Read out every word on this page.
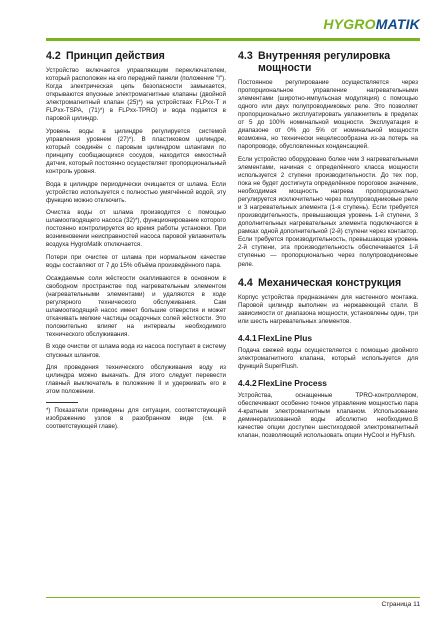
HYGROMATIK
4.2 Принцип действия

Устройство включается управляющим переключателем, который расположен на его передней панели (положение "I"). Когда электрическая цепь безопасности замыкается, открываются впускные электромагнитные клапаны (двойной электромагнитный клапан (25)*) на устройствах FLPxx-T и FLPxx-TSPA, (71)*) в FLPxx-TPRO) и вода подается в паровой цилиндр.

Уровень воды в цилиндре регулируется системой управления уровнем (27)*). В пластиковом цилиндре, который соединён с паровым цилиндром шлангами по принципу сообщающихся сосудов, находится емкостный датчик, который постоянно осуществляет пропорциональный контроль уровня.

Вода в цилиндре периодически очищается от шлама. Если устройство используется с полностью умягчённой водой, эту функцию можно отключить.

Очистка воды от шлама производится с помощью шламоотводящего насоса (32)*), функционирование которого постоянно контролируется во время работы установки. При возникновении неисправностей насоса паровой увлажнитель воздуха HygroMatik отключается.

Потери при очистке от шлама при нормальном качестве воды составляют от 7 до 15% объёма произведённого пара.

Осаждаемые соли жёсткости скапливаются в основном в свободном пространстве под нагревательным элементом (нагревательными элементами) и удаляются в ходе регулярного технического обслуживания. Сам шламоотводящий насос имеет большие отверстия и может откачивать мелкие частицы осадочных солей жёсткости. Это положительно влияет на интервалы необходимого технического обслуживания.

В ходе очистки от шлама вода из насоса поступает в систему спускных шлангов.

Для проведения технического обслуживания воду из цилиндра можно выкачать. Для этого следует перевести главный выключатель в положение II и удерживать его в этом положении.

*) Показатели приведены для ситуации, соответствующей изображению узлов в разобранном виде (см. в соответствующей главе).

4.3 Внутренняя регулировка
мощности

Постоянное регулирование осуществляется через пропорциональное управление нагревательными элементами (широтно-импульсная модуляция) с помощью одного или двух полупроводниковых реле. Это позволяет пропорционально эксплуатировать увлажнитель в пределах от 5 до 100% номинальной мощности. Эксплуатация в диапазоне от 0% до 5% от номинальной мощности возможна, но технически нецелесообразна из-за потерь на паропроводе, обусловленных конденсацией.

Если устройство оборудовано более чем 3 нагревательными элементами, начиная с определённого класса мощности используется 2 ступени производительности. До тех пор, пока не будет достигнута определённое пороговое значение, необходимая мощность нагрева пропорционально регулируется исключительно через полупроводниковые реле и 3 нагревательных элемента (1-я ступень). Если требуется производительность, превышающая уровень 1-й ступени, 3 дополнительных нагревательных элемента подключаются в рамках одной дополнительной (2-й) ступени через контактор. Если требуется производительность, превышающая уровень 2-й ступени, эта производительность обеспечивается 1-й ступенью — пропорционально через полупроводниковые реле.

4.4 Механическая конструкция

Корпус устройства предназначен для настенного монтажа. Паровой цилиндр выполнен из нержавеющей стали. В зависимости от диапазона мощности, установлены один, три или шесть нагревательных элементов.

4.4.1FlexLine Plus

Подача свежей воды осуществляется с помощью двойного электромагнитного клапана, который используется для функций SuperFlush.

4.4.2FlexLine Process

Устройства, оснащенные TPRO-контроллером, обеспечивают особенно точное управление мощностью пара 4-кратным электромагнитным клапаном. Использование деминерализованной воды абсолютно необходимо.В качестве опции доступен шестиходовой электромагнитный клапан, позволяющий использовать опции HyCool и HyFlush.

Страница 11
